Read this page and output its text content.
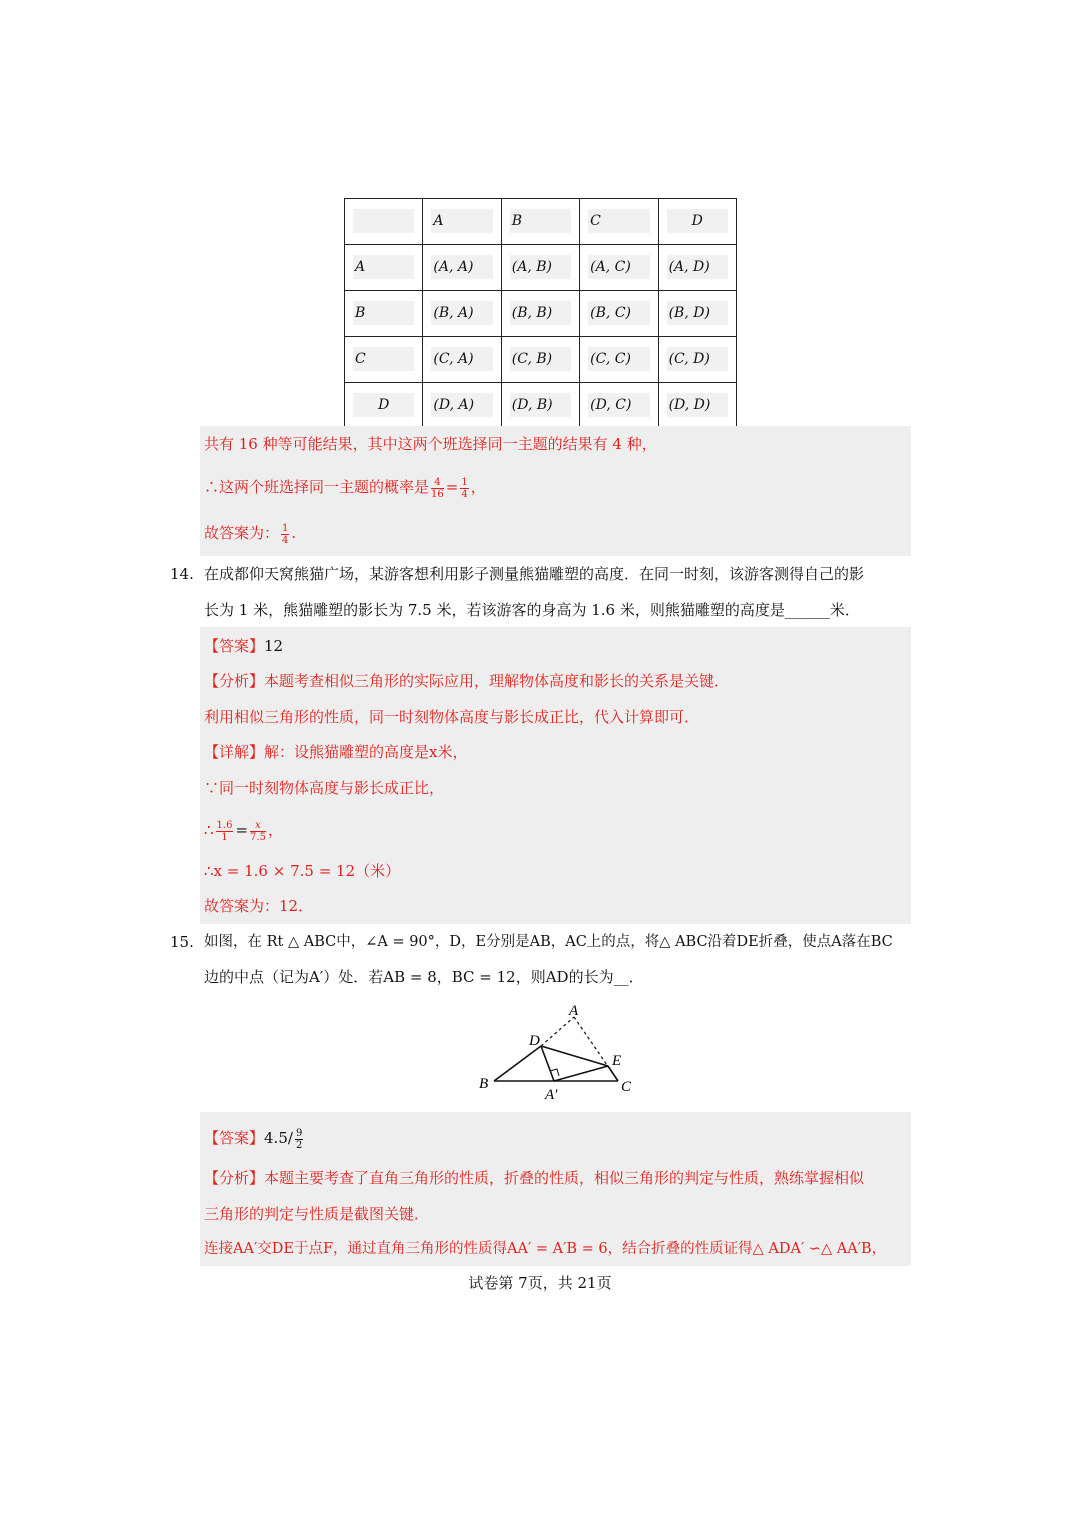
	A	B	C	D

A	(A, A)	(A, B)	(A, C)	(A, D)

B	(B, A)	(B, B)	(B, C)	(B, D)

C	(C, A)	(C, B)	(C, C)	(C, D)

D	(D, A)	(D, B)	(D, C)	(D, D)
共有 16 种等可能结果，其中这两个班选择同一主题的结果有 4 种，
∴这两个班选择同一主题的概率是 $\frac{4}{16} = \frac{1}{4}$ ，
故答案为： $\frac{1}{4}$ .
14. 在成都仰天窝熊猫广场，某游客想利用影子测量熊猫雕塑的高度．在同一时刻，该游客测得自己的影
长为 1 米，熊猫雕塑的影长为 7.5 米，若该游客的身高为 1.6 米，则熊猫雕塑的高度是______米．
【答案】12
【分析】本题考查相似三角形的实际应用，理解物体高度和影长的关系是关键．
利用相似三角形的性质，同一时刻物体高度与影长成正比，代入计算即可．
【详解】解：设熊猫雕塑的高度是x米，
∵同一时刻物体高度与影长成正比，
∴ $\frac{1.6}{1} = \frac{x}{7.5}$ ，
∴x = 1.6 × 7.5 = 12（米）
故答案为：12．
15. 如图，在 Rt △ ABC中，∠A = 90°，D，E分别是AB，AC上的点，将△ ABC沿着DE折叠，使点A落在BC
边的中点（记为A′）处．若AB = 8，BC = 12，则AD的长为__．
A
D
E
B	C
A′
【答案】$4.5/ \frac{9}{2}$
【分析】本题主要考查了直角三角形的性质，折叠的性质，相似三角形的判定与性质，熟练掌握相似
三角形的判定与性质是截图关键．
连接AA′交DE于点F，通过直角三角形的性质得AA′ = A′B = 6，结合折叠的性质证得△ ADA′ ∽△ AA′B，
试卷第 7页，共 21页
